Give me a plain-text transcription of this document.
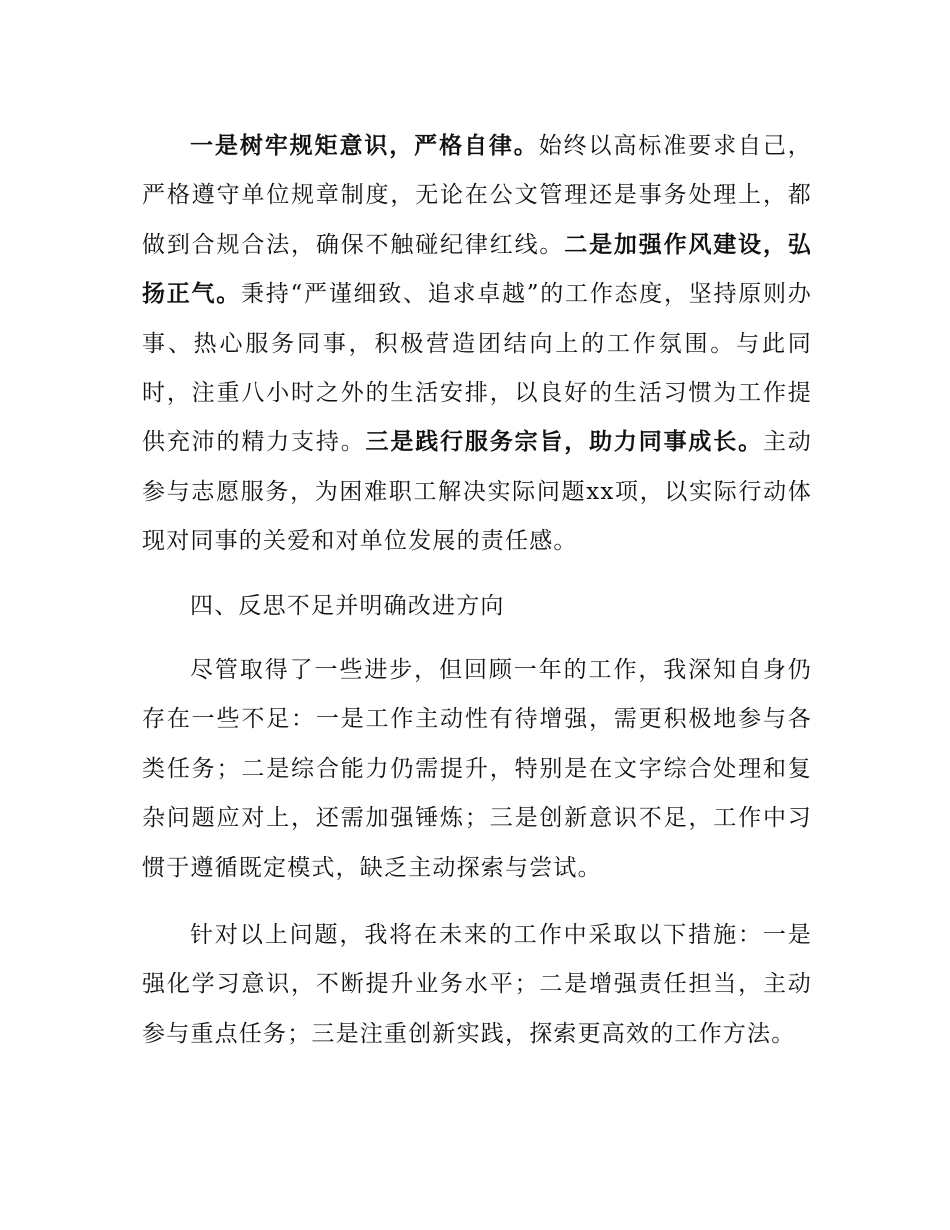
一是树牢规矩意识，严格自律。始终以高标准要求自己，严格遵守单位规章制度，无论在公文管理还是事务处理上，都做到合规合法，确保不触碰纪律红线。二是加强作风建设，弘扬正气。秉持“严谨细致、追求卓越”的工作态度，坚持原则办事、热心服务同事，积极营造团结向上的工作氛围。与此同时，注重八小时之外的生活安排，以良好的生活习惯为工作提供充沛的精力支持。三是践行服务宗旨，助力同事成长。主动参与志愿服务，为困难职工解决实际问题xx项，以实际行动体现对同事的关爱和对单位发展的责任感。

四、反思不足并明确改进方向

尽管取得了一些进步，但回顾一年的工作，我深知自身仍存在一些不足：一是工作主动性有待增强，需更积极地参与各类任务；二是综合能力仍需提升，特别是在文字综合处理和复杂问题应对上，还需加强锤炼；三是创新意识不足，工作中习惯于遵循既定模式，缺乏主动探索与尝试。

针对以上问题，我将在未来的工作中采取以下措施：一是强化学习意识，不断提升业务水平；二是增强责任担当，主动参与重点任务；三是注重创新实践，探索更高效的工作方法。
